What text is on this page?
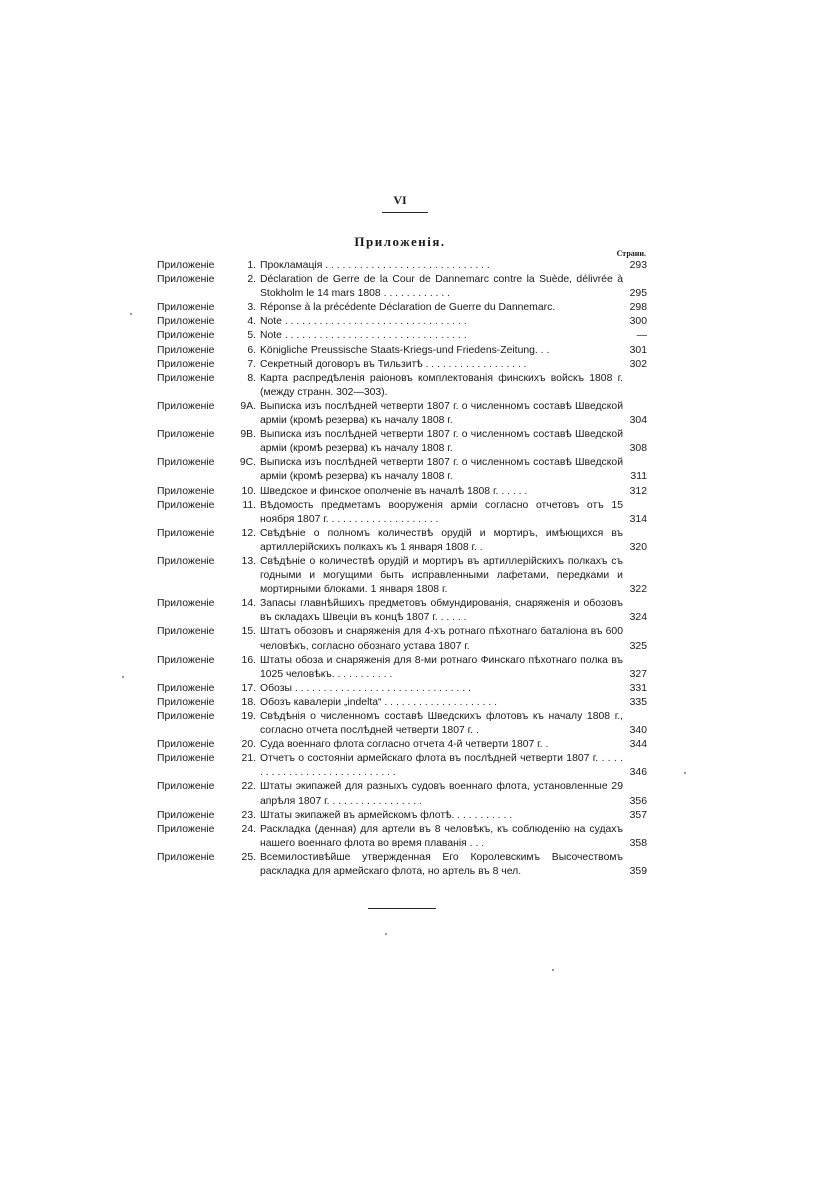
VI
Приложенія.
Страни.
Приложеніе	1. Прокламація . . . . . . . . . . . . . . . . . . . . . . . . . . . . .	293
Приложеніе	2. Déclaration de Gerre de la Cour de Dannemarc contre la Suède, délivrée à Stokholm le 14 mars 1808 . . . . . . . . . . . .	295
Приложеніе	3. Réponse à la précédente Déclaration de Guerre du Dannemarc.	298
Приложеніе	4. Note . . . . . . . . . . . . . . . . . . . . . . . . . . . . . . . .	300
Приложеніе	5. Note . . . . . . . . . . . . . . . . . . . . . . . . . . . . . . . .	—
Приложеніе	6. Königliche Preussische Staats-Kriegs-und Friedens-Zeitung. . .	301
Приложеніе	7. Секретный договоръ въ Тильзитѣ . . . . . . . . . . . . . . . . . .	302
Приложеніе	8. Карта распредѣленія раіоновъ комплектованія финскихъ войскъ 1808 г. (между странн. 302—303).
Приложеніе	9А. Выписка изъ послѣдней четверти 1807 г. о численномъ составѣ Шведской арміи (кромѣ резерва) къ началу 1808 г.	304
Приложеніе	9В. Выписка изъ послѣдней четверти 1807 г. о численномъ составѣ Шведской арміи (кромѣ резерва) къ началу 1808 г.	308
Приложеніе	9С. Выписка изъ послѣдней четверти 1807 г. о численномъ составѣ Шведской арміи (кромѣ резерва) къ началу 1808 г.	311
Приложеніе	10. Шведское и финское ополченіе въ началѣ 1808 г. . . . . .	312
Приложеніе	11. Вѣдомость предметамъ вооруженія арміи согласно отчетовъ отъ 15 ноября 1807 г. . . . . . . . . . . . . . . . . . . .	314
Приложеніе	12. Свѣдѣніе о полномъ количествѣ орудій и мортиръ, имѣющихся въ артиллерійскихъ полкахъ къ 1 января 1808 г. .	320
Приложеніе	13. Свѣдѣніе о количествѣ орудій и мортиръ въ артиллерійскихъ полкахъ съ годными и могущими быть исправленными лафетами, передками и мортирными блоками. 1 января 1808 г.	322
Приложеніе	14. Запасы главнѣйшихъ предметовъ обмундированія, снаряженія и обозовъ въ складахъ Швеціи въ концѣ 1807 г. . . . . .	324
Приложеніе	15. Штатъ обозовъ и снаряженія для 4-хъ ротнаго пѣхотнаго баталіона въ 600 человѣкъ, согласно обознаго устава 1807 г.	325
Приложеніе	16. Штаты обоза и снаряженія для 8-ми ротнаго Финскаго пѣхотнаго полка въ 1025 человѣкъ. . . . . . . . . . .	327
Приложеніе	17. Обозы . . . . . . . . . . . . . . . . . . . . . . . . . . . . . . .	331
Приложеніе	18. Обозъ кавалеріи „indelta“ . . . . . . . . . . . . . . . . . . . .	335
Приложеніе	19. Свѣдѣнія о численномъ составѣ Шведскихъ флотовъ къ началу 1808 г., согласно отчета послѣдней четверти 1807 г. .	340
Приложеніе	20. Суда военнаго флота согласно отчета 4-й четверти 1807 г. .	344
Приложеніе	21. Отчетъ о состояніи армейскаго флота въ послѣдней четверти 1807 г. . . . . . . . . . . . . . . . . . . . . . . . . . . . .	346
Приложеніе	22. Штаты экипажей для разныхъ судовъ военнаго флота, установленные 29 апрѣля 1807 г. . . . . . . . . . . . . . . . .	356
Приложеніе	23. Штаты экипажей въ армейскомъ флотѣ. . . . . . . . . . .	357
Приложеніе	24. Раскладка (денная) для артели въ 8 человѣкъ, къ соблюденію на судахъ нашего военнаго флота во время плаванія . . .	358
Приложеніе	25. Всемилостивѣйше утвержденная Его Королевскимъ Высочествомъ раскладка для армейскаго флота, но артель въ 8 чел.	359
